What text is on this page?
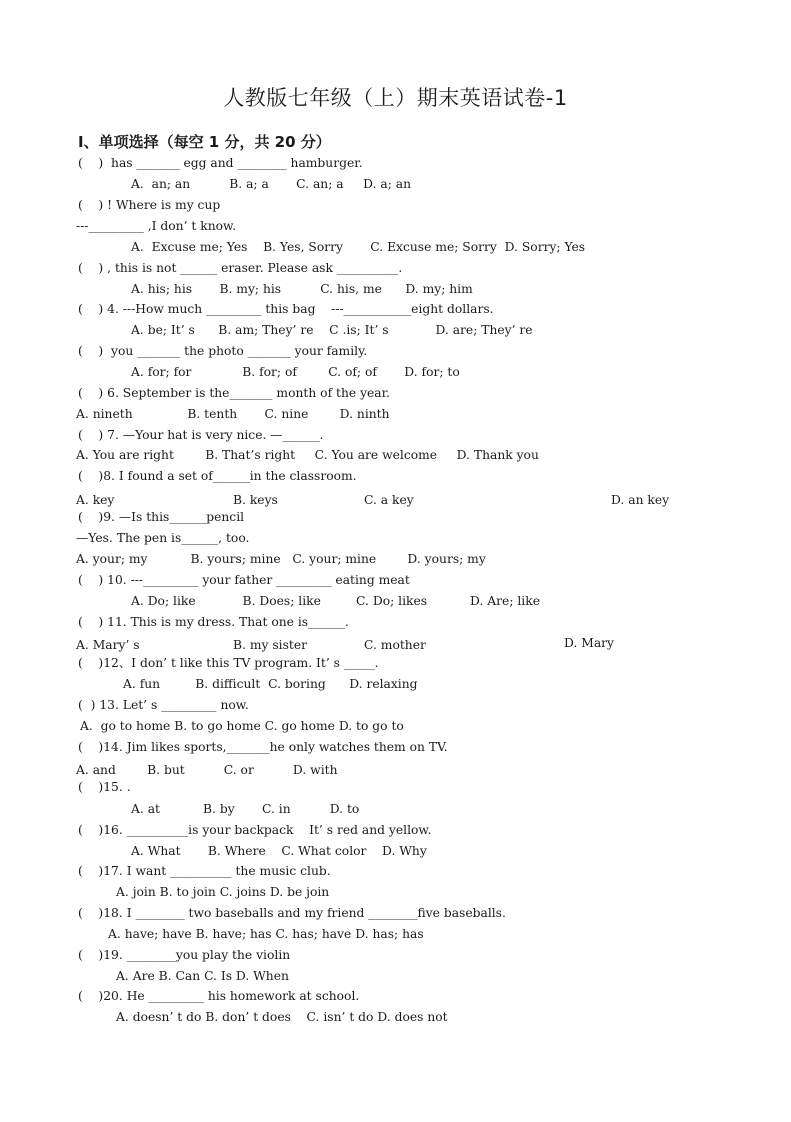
人教版七年级（上）期末英语试卷-1
I、单项选择（每空 1 分，共 20 分）
(    )  has _______ egg and ________ hamburger.
A.  an; an          B. a; a       C. an; a     D. a; an
(    ) ! Where is my cup
---_________ ,I don’ t know.
A.  Excuse me; Yes    B. Yes, Sorry       C. Excuse me; Sorry  D. Sorry; Yes
(    ) , this is not ______ eraser. Please ask __________.
A. his; his       B. my; his          C. his, me      D. my; him
(    ) 4. ---How much _________ this bag    ---___________eight dollars.
A. be; It’ s      B. am; They’ re    C .is; It’ s            D. are; They’ re
(    )  you _______ the photo _______ your family.
A. for; for             B. for; of        C. of; of       D. for; to
(    ) 6. September is the_______ month of the year.
A. nineth              B. tenth       C. nine        D. ninth
(    ) 7. —Your hat is very nice. —______.
A. You are right        B. That’s right     C. You are welcome     D. Thank you
(    )8. I found a set of______in the classroom.
A. key	B. keys	C. a key	D. an key
(    )9. —Is this______pencil
—Yes. The pen is______, too.
A. your; my           B. yours; mine   C. your; mine        D. yours; my
(    ) 10. ---_________ your father _________ eating meat
A. Do; like            B. Does; like         C. Do; likes           D. Are; like
(    ) 11. This is my dress. That one is______.
A. Mary’ s	B. my sister	C. mother	D. Mary
(    )12、I don’ t like this TV program. It’ s _____.
A. fun         B. difficult  C. boring      D. relaxing
(  ) 13. Let’ s _________ now.
A.  go to home B. to go home C. go home D. to go to
(    )14. Jim likes sports,_______he only watches them on TV.
A. and        B. but          C. or          D. with
(    )15. .
A. at           B. by       C. in          D. to
(    )16. __________is your backpack    It’ s red and yellow.
A. What       B. Where    C. What color    D. Why
(    )17. I want __________ the music club.
A. join B. to join C. joins D. be join
(    )18. I ________ two baseballs and my friend ________five baseballs.
A. have; have B. have; has C. has; have D. has; has
(    )19. ________you play the violin
A. Are B. Can C. Is D. When
(    )20. He _________ his homework at school.
A. doesn’ t do B. don’ t does    C. isn’ t do D. does not
